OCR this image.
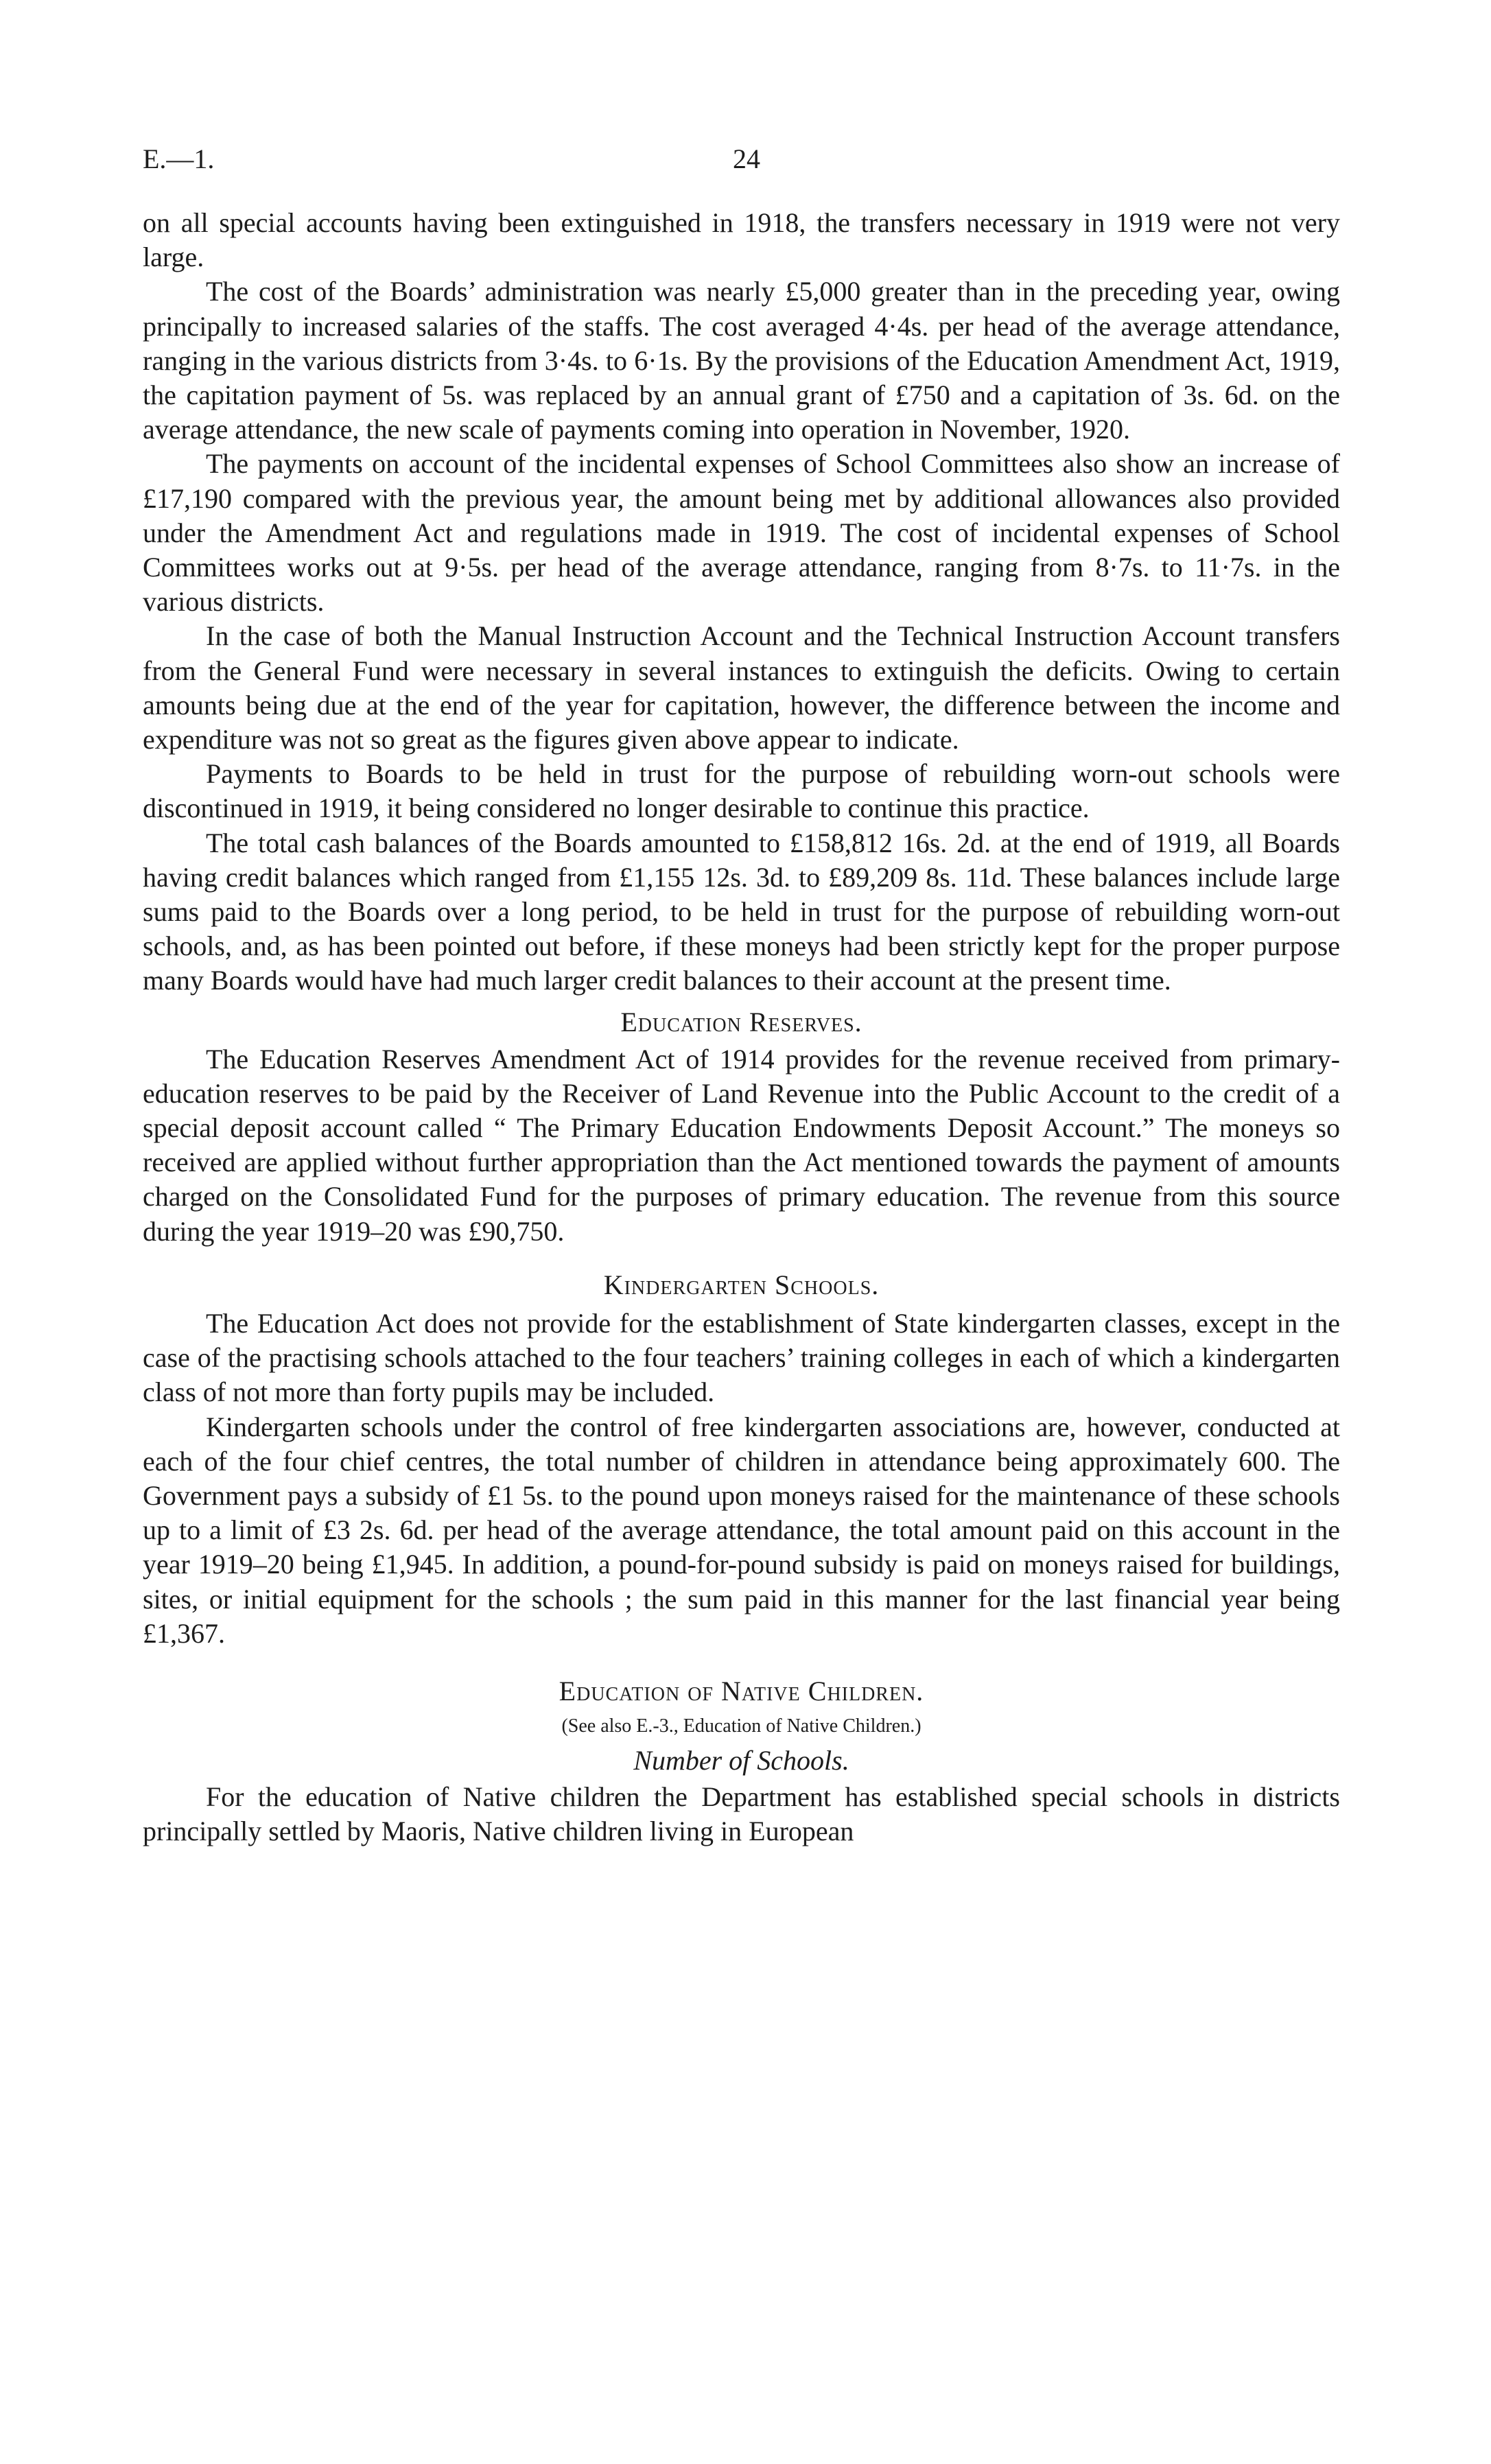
E.—1.	24

on all special accounts having been extinguished in 1918, the transfers necessary in 1919 were not very large.

The cost of the Boards’ administration was nearly £5,000 greater than in the preceding year, owing principally to increased salaries of the staffs. The cost averaged 4·4s. per head of the average attendance, ranging in the various districts from 3·4s. to 6·1s. By the provisions of the Education Amendment Act, 1919, the capitation payment of 5s. was replaced by an annual grant of £750 and a capitation of 3s. 6d. on the average attendance, the new scale of payments coming into operation in November, 1920.

The payments on account of the incidental expenses of School Committees also show an increase of £17,190 compared with the previous year, the amount being met by additional allowances also provided under the Amendment Act and regulations made in 1919. The cost of incidental expenses of School Committees works out at 9·5s. per head of the average attendance, ranging from 8·7s. to 11·7s. in the various districts.

In the case of both the Manual Instruction Account and the Technical Instruction Account transfers from the General Fund were necessary in several instances to extinguish the deficits. Owing to certain amounts being due at the end of the year for capitation, however, the difference between the income and expenditure was not so great as the figures given above appear to indicate.

Payments to Boards to be held in trust for the purpose of rebuilding worn-out schools were discontinued in 1919, it being considered no longer desirable to continue this practice.

The total cash balances of the Boards amounted to £158,812 16s. 2d. at the end of 1919, all Boards having credit balances which ranged from £1,155 12s. 3d. to £89,209 8s. 11d. These balances include large sums paid to the Boards over a long period, to be held in trust for the purpose of rebuilding worn-out schools, and, as has been pointed out before, if these moneys had been strictly kept for the proper purpose many Boards would have had much larger credit balances to their account at the present time.

Education Reserves.

The Education Reserves Amendment Act of 1914 provides for the revenue received from primary-education reserves to be paid by the Receiver of Land Revenue into the Public Account to the credit of a special deposit account called “ The Primary Education Endowments Deposit Account.” The moneys so received are applied without further appropriation than the Act mentioned towards the payment of amounts charged on the Consolidated Fund for the purposes of primary education. The revenue from this source during the year 1919–20 was £90,750.

Kindergarten Schools.

The Education Act does not provide for the establishment of State kindergarten classes, except in the case of the practising schools attached to the four teachers’ training colleges in each of which a kindergarten class of not more than forty pupils may be included.

Kindergarten schools under the control of free kindergarten associations are, however, conducted at each of the four chief centres, the total number of children in attendance being approximately 600. The Government pays a subsidy of £1 5s. to the pound upon moneys raised for the maintenance of these schools up to a limit of £3 2s. 6d. per head of the average attendance, the total amount paid on this account in the year 1919–20 being £1,945. In addition, a pound-for-pound subsidy is paid on moneys raised for buildings, sites, or initial equipment for the schools ; the sum paid in this manner for the last financial year being £1,367.

Education of Native Children.
(See also E.-3., Education of Native Children.)
Number of Schools.

For the education of Native children the Department has established special schools in districts principally settled by Maoris, Native children living in European
